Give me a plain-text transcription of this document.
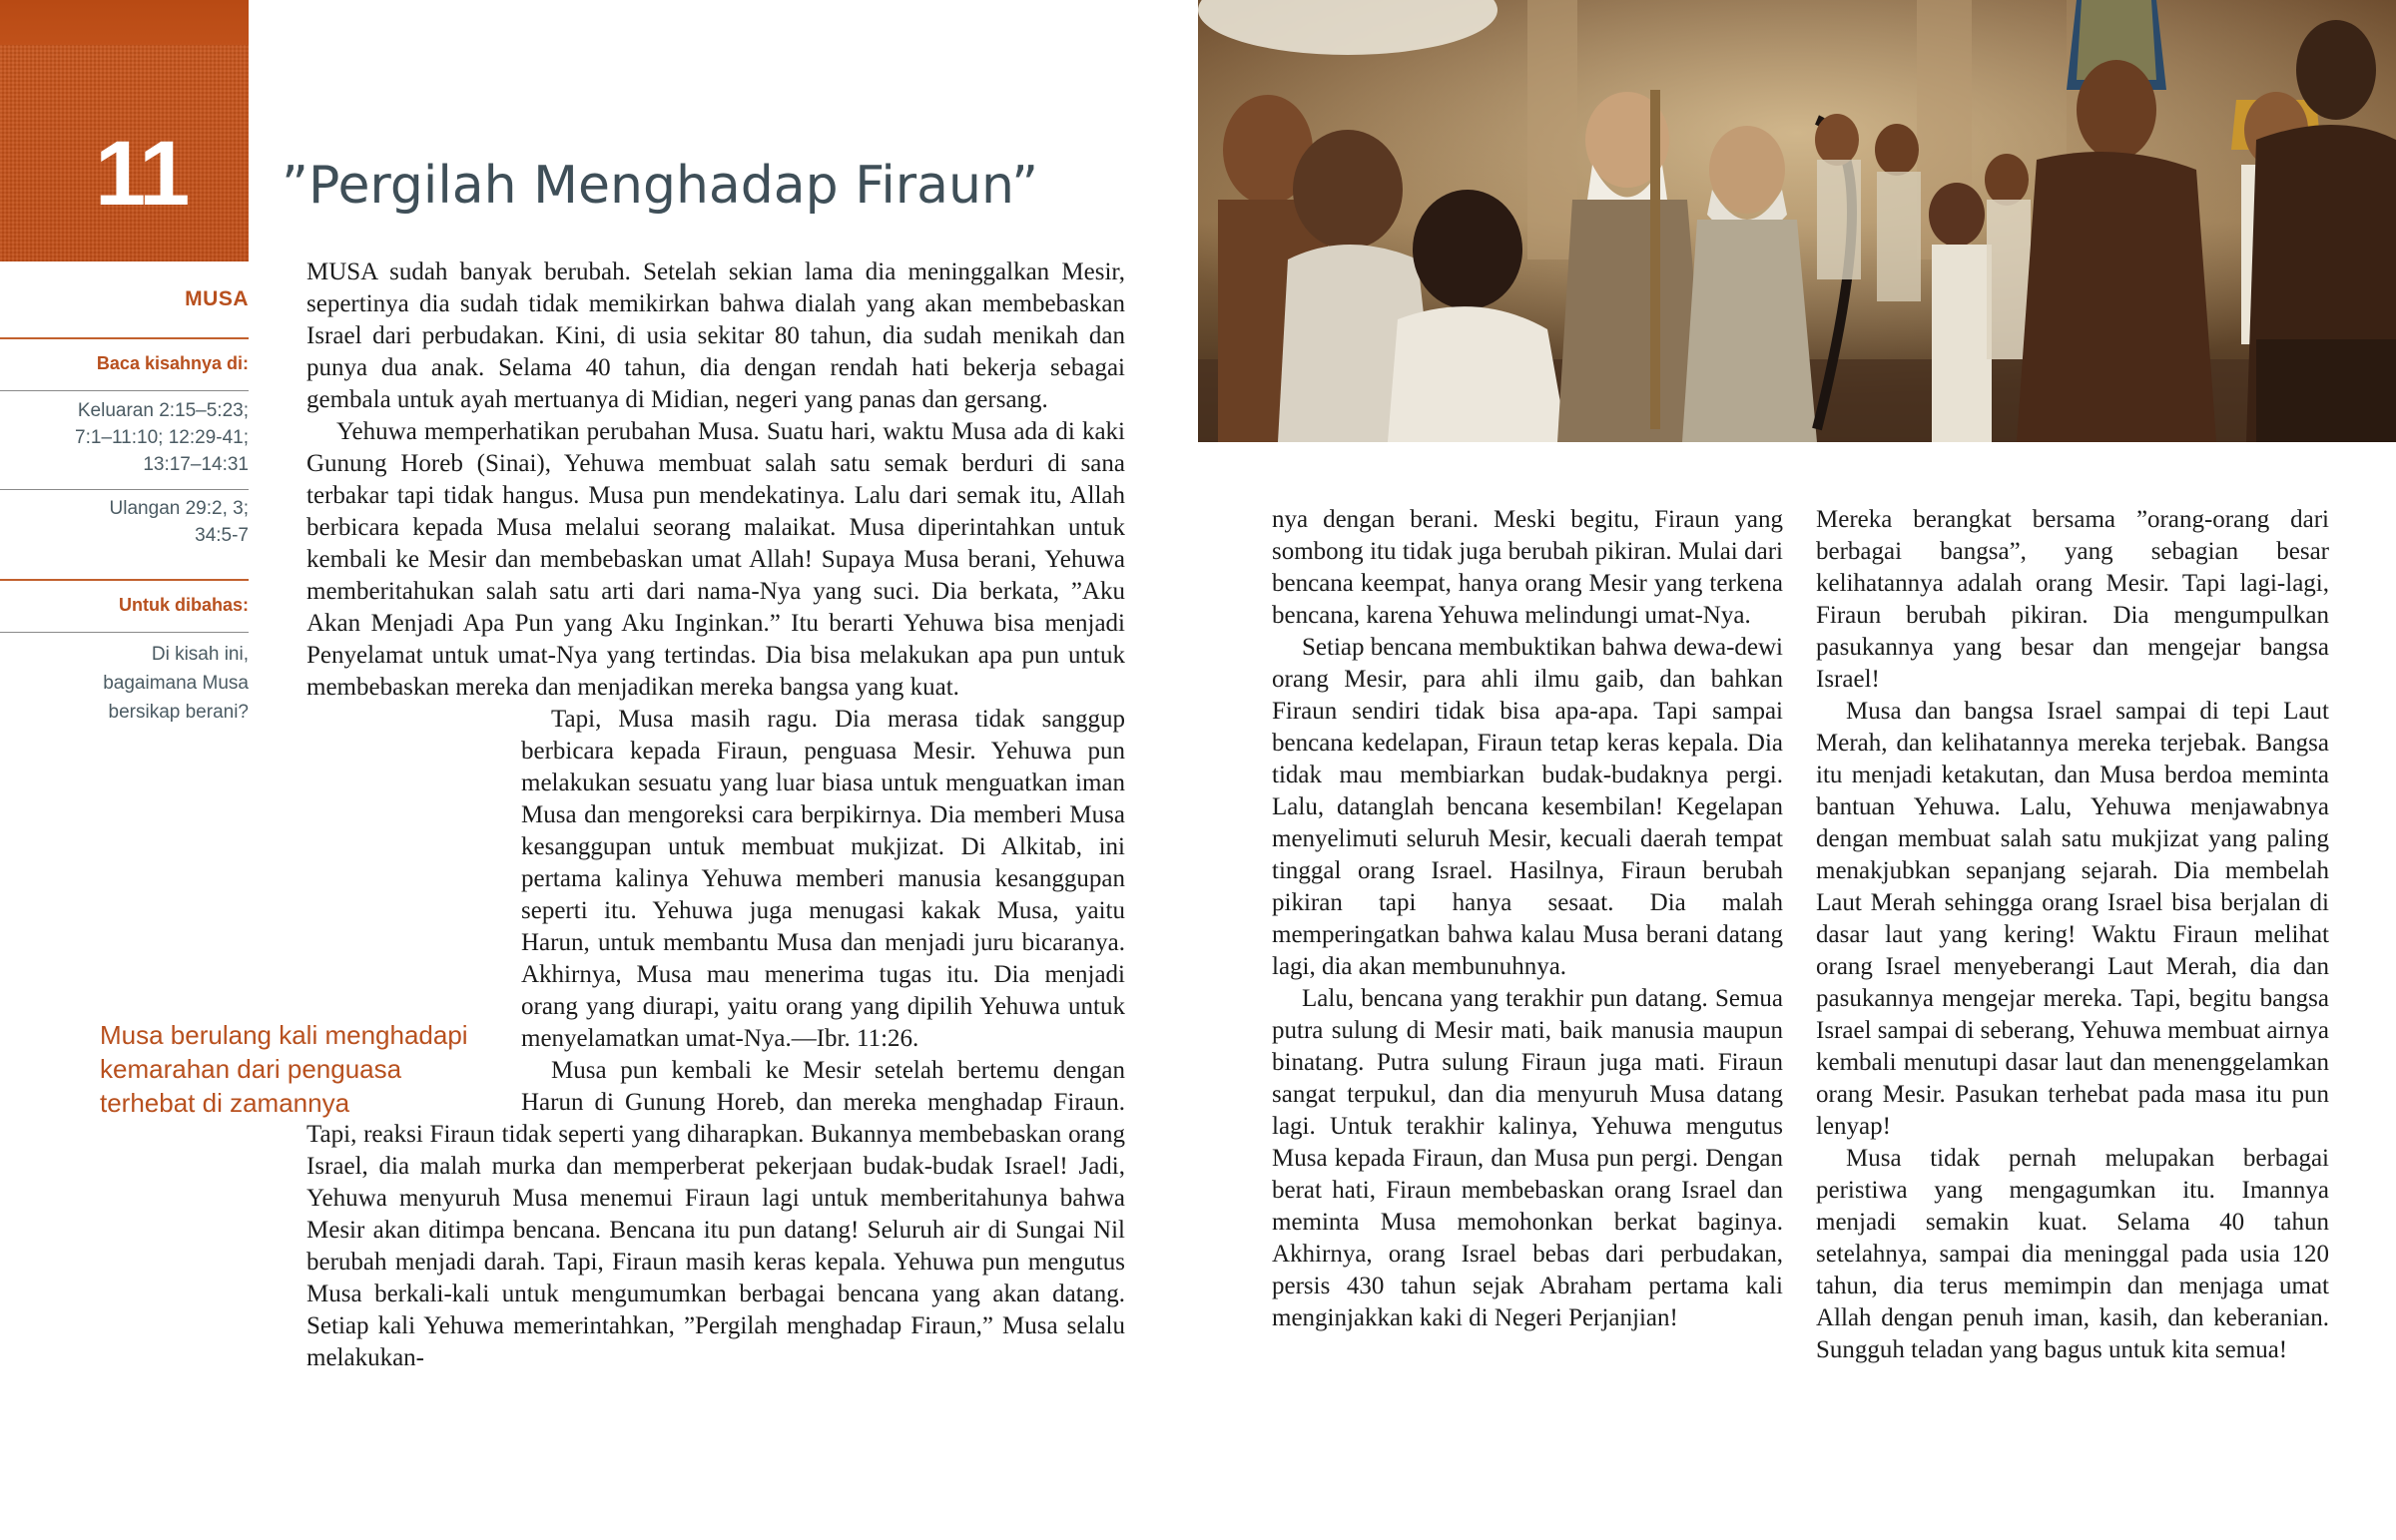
11 ”Pergilah Menghadap Firaun”
MUSA
Baca kisahnya di:
Keluaran 2:15–5:23; 7:1–11:10; 12:29-41; 13:17–14:31
Ulangan 29:2, 3; 34:5-7
Untuk dibahas:
Di kisah ini, bagaimana Musa bersikap berani?
Musa berulang kali menghadapi kemarahan dari penguasa terhebat di zamannya

MUSA sudah banyak berubah. Setelah sekian lama dia meninggalkan Mesir, sepertinya dia sudah tidak memikirkan bahwa dialah yang akan membebaskan Israel dari perbudakan. Kini, di usia sekitar 80 tahun, dia sudah menikah dan punya dua anak. Selama 40 tahun, dia dengan rendah hati bekerja sebagai gembala untuk ayah mertuanya di Midian, negeri yang panas dan gersang.

Yehuwa memperhatikan perubahan Musa. Suatu hari, waktu Musa ada di kaki Gunung Horeb (Sinai), Yehuwa membuat salah satu semak berduri di sana terbakar tapi tidak hangus. Musa pun mendekatinya. Lalu dari semak itu, Allah berbicara kepada Musa melalui seorang malaikat. Musa diperintahkan untuk kembali ke Mesir dan membebaskan umat Allah! Supaya Musa berani, Yehuwa memberitahukan salah satu arti dari nama-Nya yang suci. Dia berkata, ”Aku Akan Menjadi Apa Pun yang Aku Inginkan.” Itu berarti Yehuwa bisa menjadi Penyelamat untuk umat-Nya yang tertindas. Dia bisa melakukan apa pun untuk membebaskan mereka dan menjadikan mereka bangsa yang kuat.

Tapi, Musa masih ragu. Dia merasa tidak sanggup berbicara kepada Firaun, penguasa Mesir. Yehuwa pun melakukan sesuatu yang luar biasa untuk menguatkan iman Musa dan mengoreksi cara berpikirnya. Dia memberi Musa kesanggupan untuk membuat mukjizat. Di Alkitab, ini pertama kalinya Yehuwa memberi manusia kesanggupan seperti itu. Yehuwa juga menugasi kakak Musa, yaitu Harun, untuk membantu Musa dan menjadi juru bicaranya. Akhirnya, Musa mau menerima tugas itu. Dia menjadi orang yang diurapi, yaitu orang yang dipilih Yehuwa untuk menyelamatkan umat-Nya.—Ibr. 11:26.

Musa pun kembali ke Mesir setelah bertemu dengan Harun di Gunung Horeb, dan mereka menghadap Firaun. Tapi, reaksi Firaun tidak seperti yang diharapkan. Bukannya membebaskan orang Israel, dia malah murka dan memperberat pekerjaan budak-budak Israel! Jadi, Yehuwa menyuruh Musa menemui Firaun lagi untuk memberitahunya bahwa Mesir akan ditimpa bencana. Bencana itu pun datang! Seluruh air di Sungai Nil berubah menjadi darah. Tapi, Firaun masih keras kepala. Yehuwa pun mengutus Musa berkali-kali untuk mengumumkan berbagai bencana yang akan datang. Setiap kali Yehuwa memerintahkan, ”Pergilah menghadap Firaun,” Musa selalu melakukan-

nya dengan berani. Meski begitu, Firaun yang sombong itu tidak juga berubah pikiran. Mulai dari bencana keempat, hanya orang Mesir yang terkena bencana, karena Yehuwa melindungi umat-Nya.

Setiap bencana membuktikan bahwa dewa-dewi orang Mesir, para ahli ilmu gaib, dan bahkan Firaun sendiri tidak bisa apa-apa. Tapi sampai bencana kedelapan, Firaun tetap keras kepala. Dia tidak mau membiarkan budak-budaknya pergi. Lalu, datanglah bencana kesembilan! Kegelapan menyelimuti seluruh Mesir, kecuali daerah tempat tinggal orang Israel. Hasilnya, Firaun berubah pikiran tapi hanya sesaat. Dia malah memperingatkan bahwa kalau Musa berani datang lagi, dia akan membunuhnya.

Lalu, bencana yang terakhir pun datang. Semua putra sulung di Mesir mati, baik manusia maupun binatang. Putra sulung Firaun juga mati. Firaun sangat terpukul, dan dia menyuruh Musa datang lagi. Untuk terakhir kalinya, Yehuwa mengutus Musa kepada Firaun, dan Musa pun pergi. Dengan berat hati, Firaun membebaskan orang Israel dan meminta Musa memohonkan berkat baginya. Akhirnya, orang Israel bebas dari perbudakan, persis 430 tahun sejak Abraham pertama kali menginjakkan kaki di Negeri Perjanjian!

Mereka berangkat bersama ”orang-orang dari berbagai bangsa”, yang sebagian besar kelihatannya adalah orang Mesir. Tapi lagi-lagi, Firaun berubah pikiran. Dia mengumpulkan pasukannya yang besar dan mengejar bangsa Israel!

Musa dan bangsa Israel sampai di tepi Laut Merah, dan kelihatannya mereka terjebak. Bangsa itu menjadi ketakutan, dan Musa berdoa meminta bantuan Yehuwa. Lalu, Yehuwa menjawabnya dengan membuat salah satu mukjizat yang paling menakjubkan sepanjang sejarah. Dia membelah Laut Merah sehingga orang Israel bisa berjalan di dasar laut yang kering! Waktu Firaun melihat orang Israel menyeberangi Laut Merah, dia dan pasukannya mengejar mereka. Tapi, begitu bangsa Israel sampai di seberang, Yehuwa membuat airnya kembali menutupi dasar laut dan menenggelamkan orang Mesir. Pasukan terhebat pada masa itu pun lenyap!

Musa tidak pernah melupakan berbagai peristiwa yang mengagumkan itu. Imannya menjadi semakin kuat. Selama 40 tahun setelahnya, sampai dia meninggal pada usia 120 tahun, dia terus memimpin dan menjaga umat Allah dengan penuh iman, kasih, dan keberanian. Sungguh teladan yang bagus untuk kita semua!
